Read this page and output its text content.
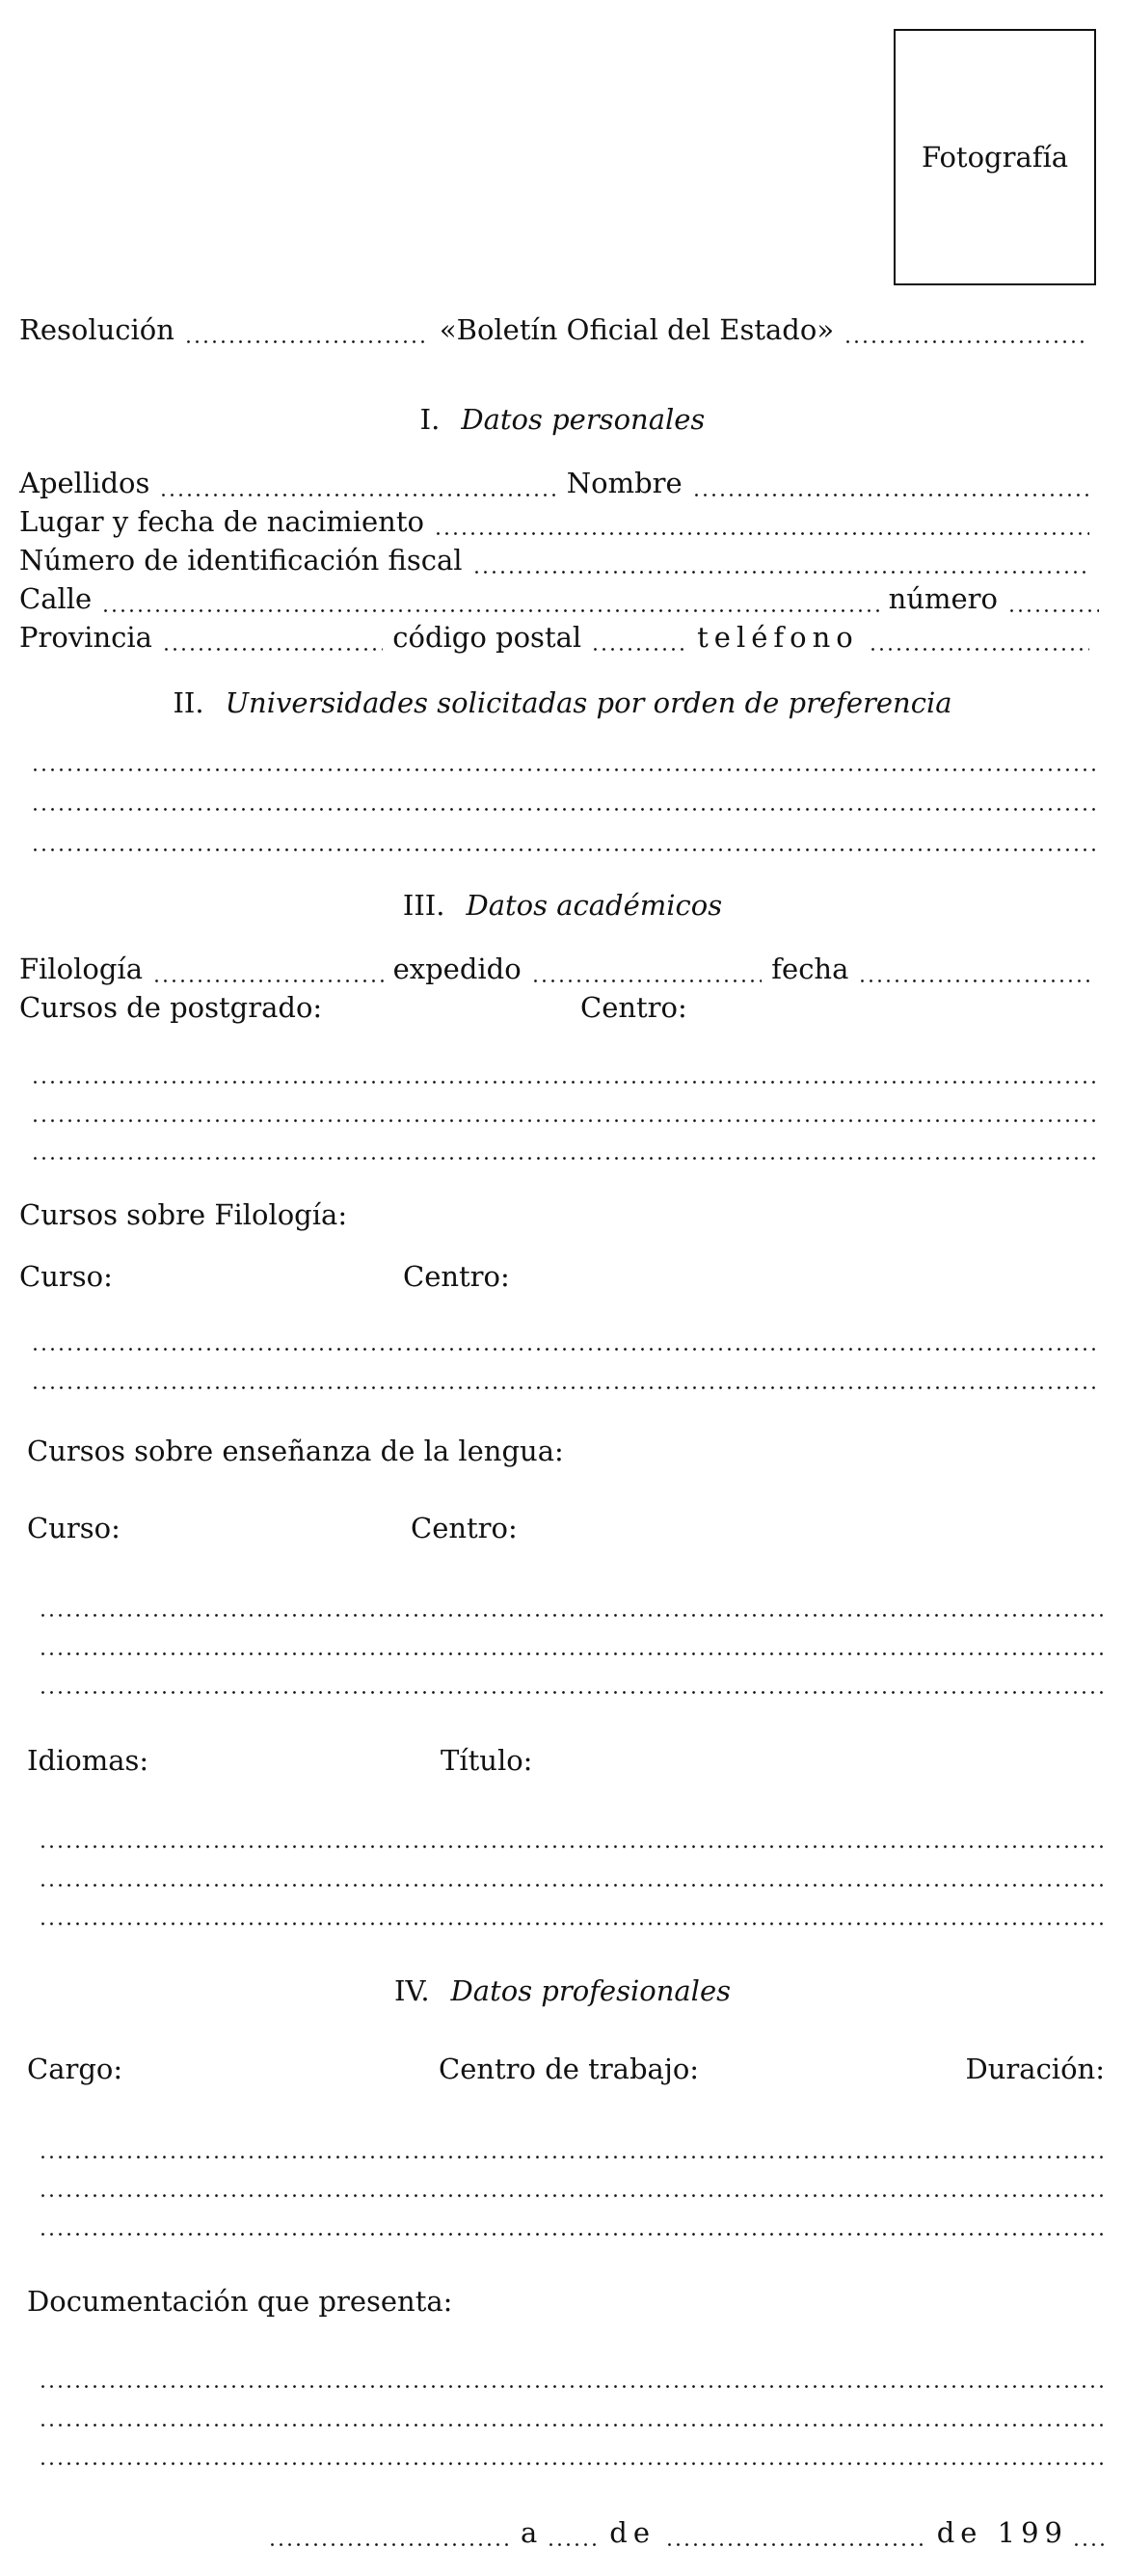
Fotografía
Resolución	«Boletín Oficial del Estado»
I. Datos personales
Apellidos	Nombre
Lugar y fecha de nacimiento
Número de identificación fiscal
Calle	número
Provincia	código postal	teléfono
II. Universidades solicitadas por orden de preferencia
III. Datos académicos
Filología	expedido	fecha
Cursos de postgrado:	Centro:
Cursos sobre Filología:
Curso:	Centro:
Cursos sobre enseñanza de la lengua:
Curso:	Centro:
Idiomas:	Título:
IV. Datos profesionales
Cargo:	Centro de trabajo:	Duración:
Documentación que presenta:
a	de	de 199
